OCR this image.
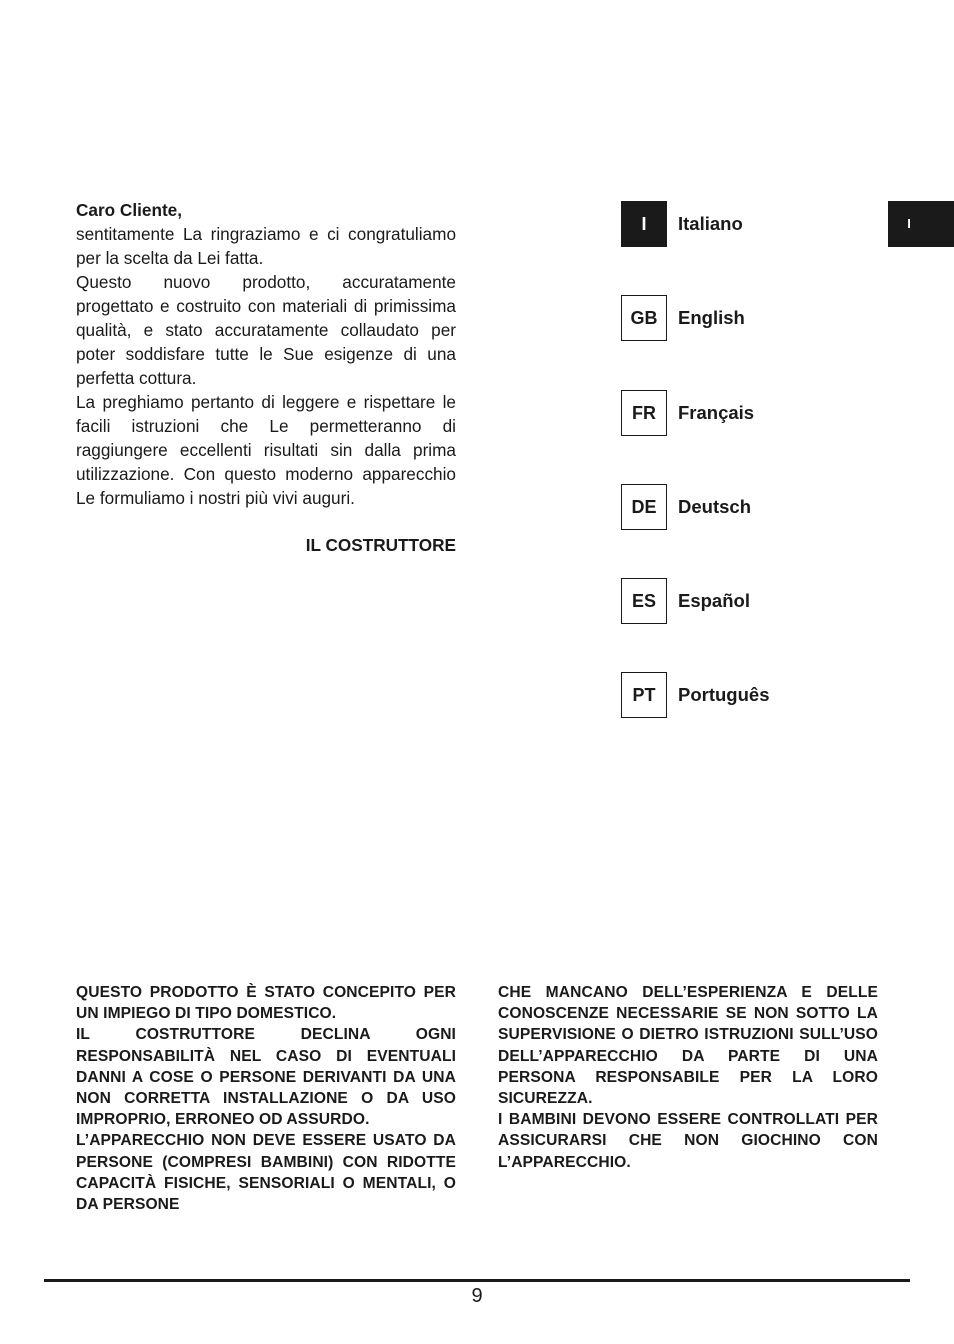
Caro Cliente,

sentitamente La ringraziamo e ci congratuliamo per la scelta da Lei fatta.

Questo nuovo prodotto, accuratamente progettato e costruito con materiali di primissima qualità, e stato accuratamente collaudato per poter soddisfare tutte le Sue esigenze di una perfetta cottura.

La preghiamo pertanto di leggere e rispettare le facili istruzioni che Le permetteranno di raggiungere eccellenti risultati sin dalla prima utilizzazione. Con questo moderno apparecchio Le formuliamo i nostri più vivi auguri.

IL COSTRUTTORE

I	Italiano
GB	English
FR	Français
DE	Deutsch
ES	Español
PT	Português
I

QUESTO PRODOTTO È STATO CONCEPITO PER UN IMPIEGO DI TIPO DOMESTICO.

IL COSTRUTTORE DECLINA OGNI RESPONSABILITÀ NEL CASO DI EVENTUALI DANNI A COSE O PERSONE DERIVANTI DA UNA NON CORRETTA INSTALLAZIONE O DA USO IMPROPRIO, ERRONEO OD ASSURDO.

L’APPARECCHIO NON DEVE ESSERE USATO DA PERSONE (COMPRESI BAMBINI) CON RIDOTTE CAPACITÀ FISICHE, SENSORIALI O MENTALI, O DA PERSONE

CHE MANCANO DELL’ESPERIENZA E DELLE CONOSCENZE NECESSARIE SE NON SOTTO LA SUPERVISIONE O DIETRO ISTRUZIONI SULL’USO DELL’APPARECCHIO DA PARTE DI UNA PERSONA RESPONSABILE PER LA LORO SICUREZZA.

I BAMBINI DEVONO ESSERE CONTROLLATI PER ASSICURARSI CHE NON GIOCHINO CON L’APPARECCHIO.

9
